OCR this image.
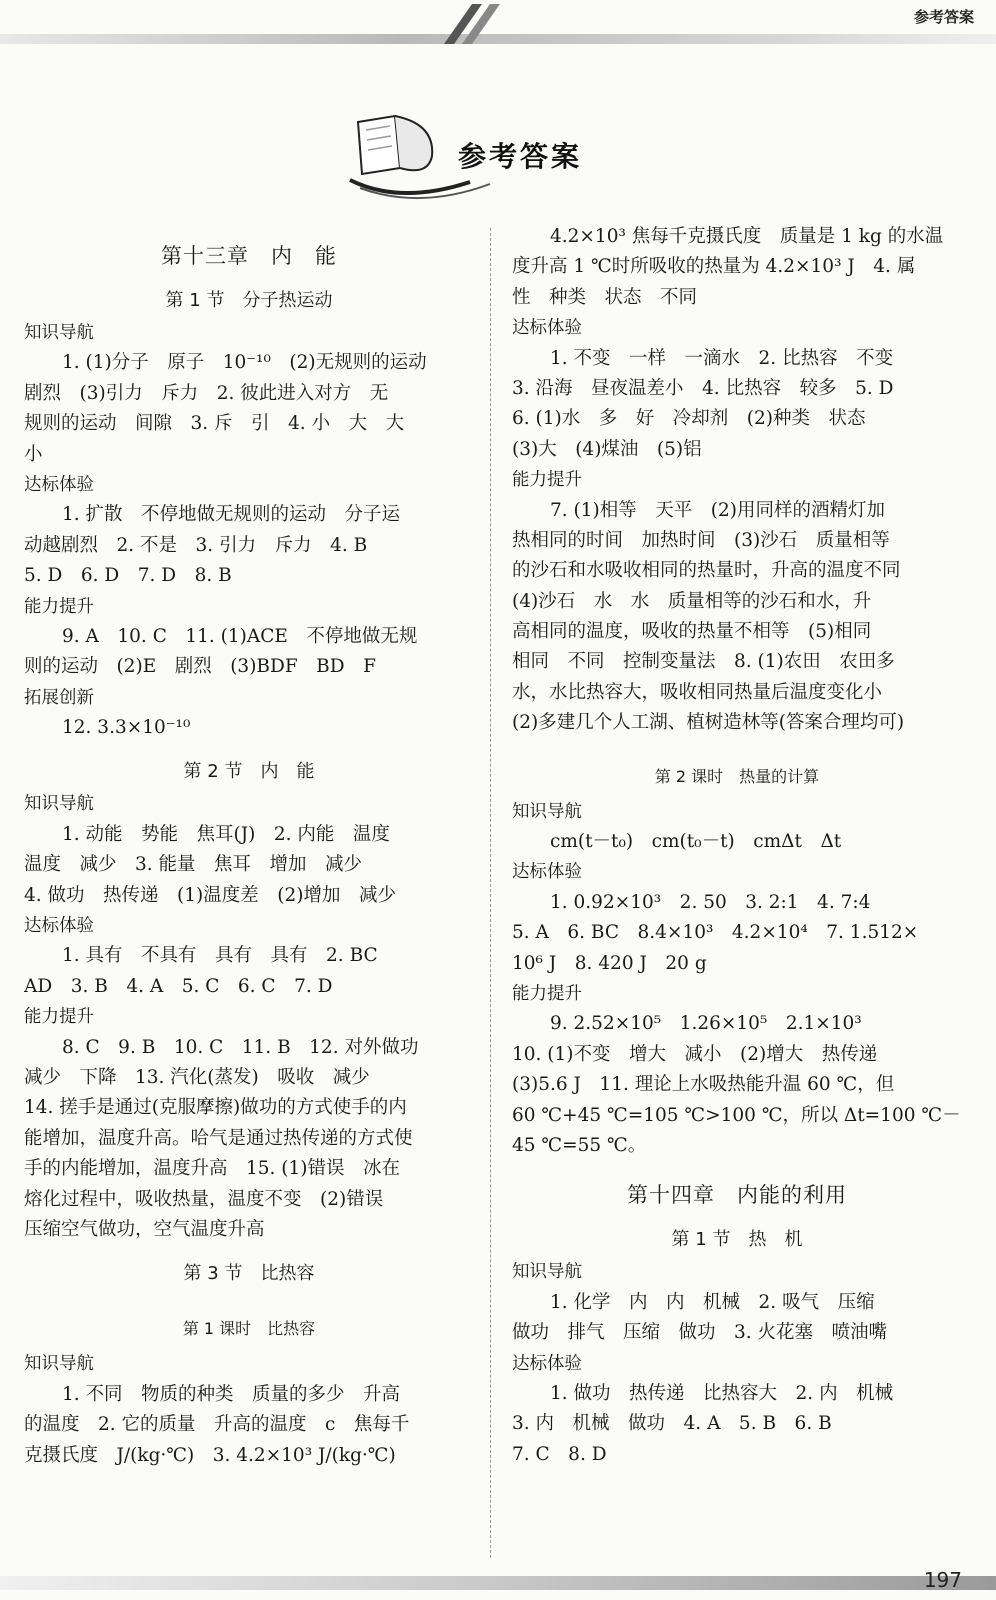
参考答案
参考答案
第十三章　内　能
第 1 节　分子热运动
知识导航
1. (1)分子　原子　10⁻¹⁰　(2)无规则的运动
剧烈　(3)引力　斥力　2. 彼此进入对方　无
规则的运动　间隙　3. 斥　引　4. 小　大　大
小
达标体验
1. 扩散　不停地做无规则的运动　分子运
动越剧烈　2. 不是　3. 引力　斥力　4. B
5. D　6. D　7. D　8. B
能力提升
9. A　10. C　11. (1)ACE　不停地做无规
则的运动　(2)E　剧烈　(3)BDF　BD　F
拓展创新
12. 3.3×10⁻¹⁰
第 2 节　内　能
知识导航
1. 动能　势能　焦耳(J)　2. 内能　温度
温度　减少　3. 能量　焦耳　增加　减少
4. 做功　热传递　(1)温度差　(2)增加　减少
达标体验
1. 具有　不具有　具有　具有　2. BC
AD　3. B　4. A　5. C　6. C　7. D
能力提升
8. C　9. B　10. C　11. B　12. 对外做功
减少　下降　13. 汽化(蒸发)　吸收　减少
14. 搓手是通过(克服摩擦)做功的方式使手的内
能增加，温度升高。哈气是通过热传递的方式使
手的内能增加，温度升高　15. (1)错误　冰在
熔化过程中，吸收热量，温度不变　(2)错误
压缩空气做功，空气温度升高
第 3 节　比热容
第 1 课时　比热容
知识导航
1. 不同　物质的种类　质量的多少　升高
的温度　2. 它的质量　升高的温度　c　焦每千
克摄氏度　J/(kg·℃)　3. 4.2×10³ J/(kg·℃)
4.2×10³ 焦每千克摄氏度　质量是 1 kg 的水温
度升高 1 ℃时所吸收的热量为 4.2×10³ J　4. 属
性　种类　状态　不同
达标体验
1. 不变　一样　一滴水　2. 比热容　不变
3. 沿海　昼夜温差小　4. 比热容　较多　5. D
6. (1)水　多　好　冷却剂　(2)种类　状态
(3)大　(4)煤油　(5)铝
能力提升
7. (1)相等　天平　(2)用同样的酒精灯加
热相同的时间　加热时间　(3)沙石　质量相等
的沙石和水吸收相同的热量时，升高的温度不同
(4)沙石　水　水　质量相等的沙石和水，升
高相同的温度，吸收的热量不相等　(5)相同
相同　不同　控制变量法　8. (1)农田　农田多
水，水比热容大，吸收相同热量后温度变化小
(2)多建几个人工湖、植树造林等(答案合理均可)
第 2 课时　热量的计算
知识导航
cm(t－t₀)　cm(t₀－t)　cmΔt　Δt
达标体验
1. 0.92×10³　2. 50　3. 2:1　4. 7:4
5. A　6. BC　8.4×10³　4.2×10⁴　7. 1.512×
10⁶ J　8. 420 J　20 g
能力提升
9. 2.52×10⁵　1.26×10⁵　2.1×10³
10. (1)不变　增大　减小　(2)增大　热传递
(3)5.6 J　11. 理论上水吸热能升温 60 ℃，但
60 ℃+45 ℃=105 ℃>100 ℃，所以 Δt=100 ℃－
45 ℃=55 ℃。
第十四章　内能的利用
第 1 节　热　机
知识导航
1. 化学　内　内　机械　2. 吸气　压缩
做功　排气　压缩　做功　3. 火花塞　喷油嘴
达标体验
1. 做功　热传递　比热容大　2. 内　机械
3. 内　机械　做功　4. A　5. B　6. B
7. C　8. D
197
